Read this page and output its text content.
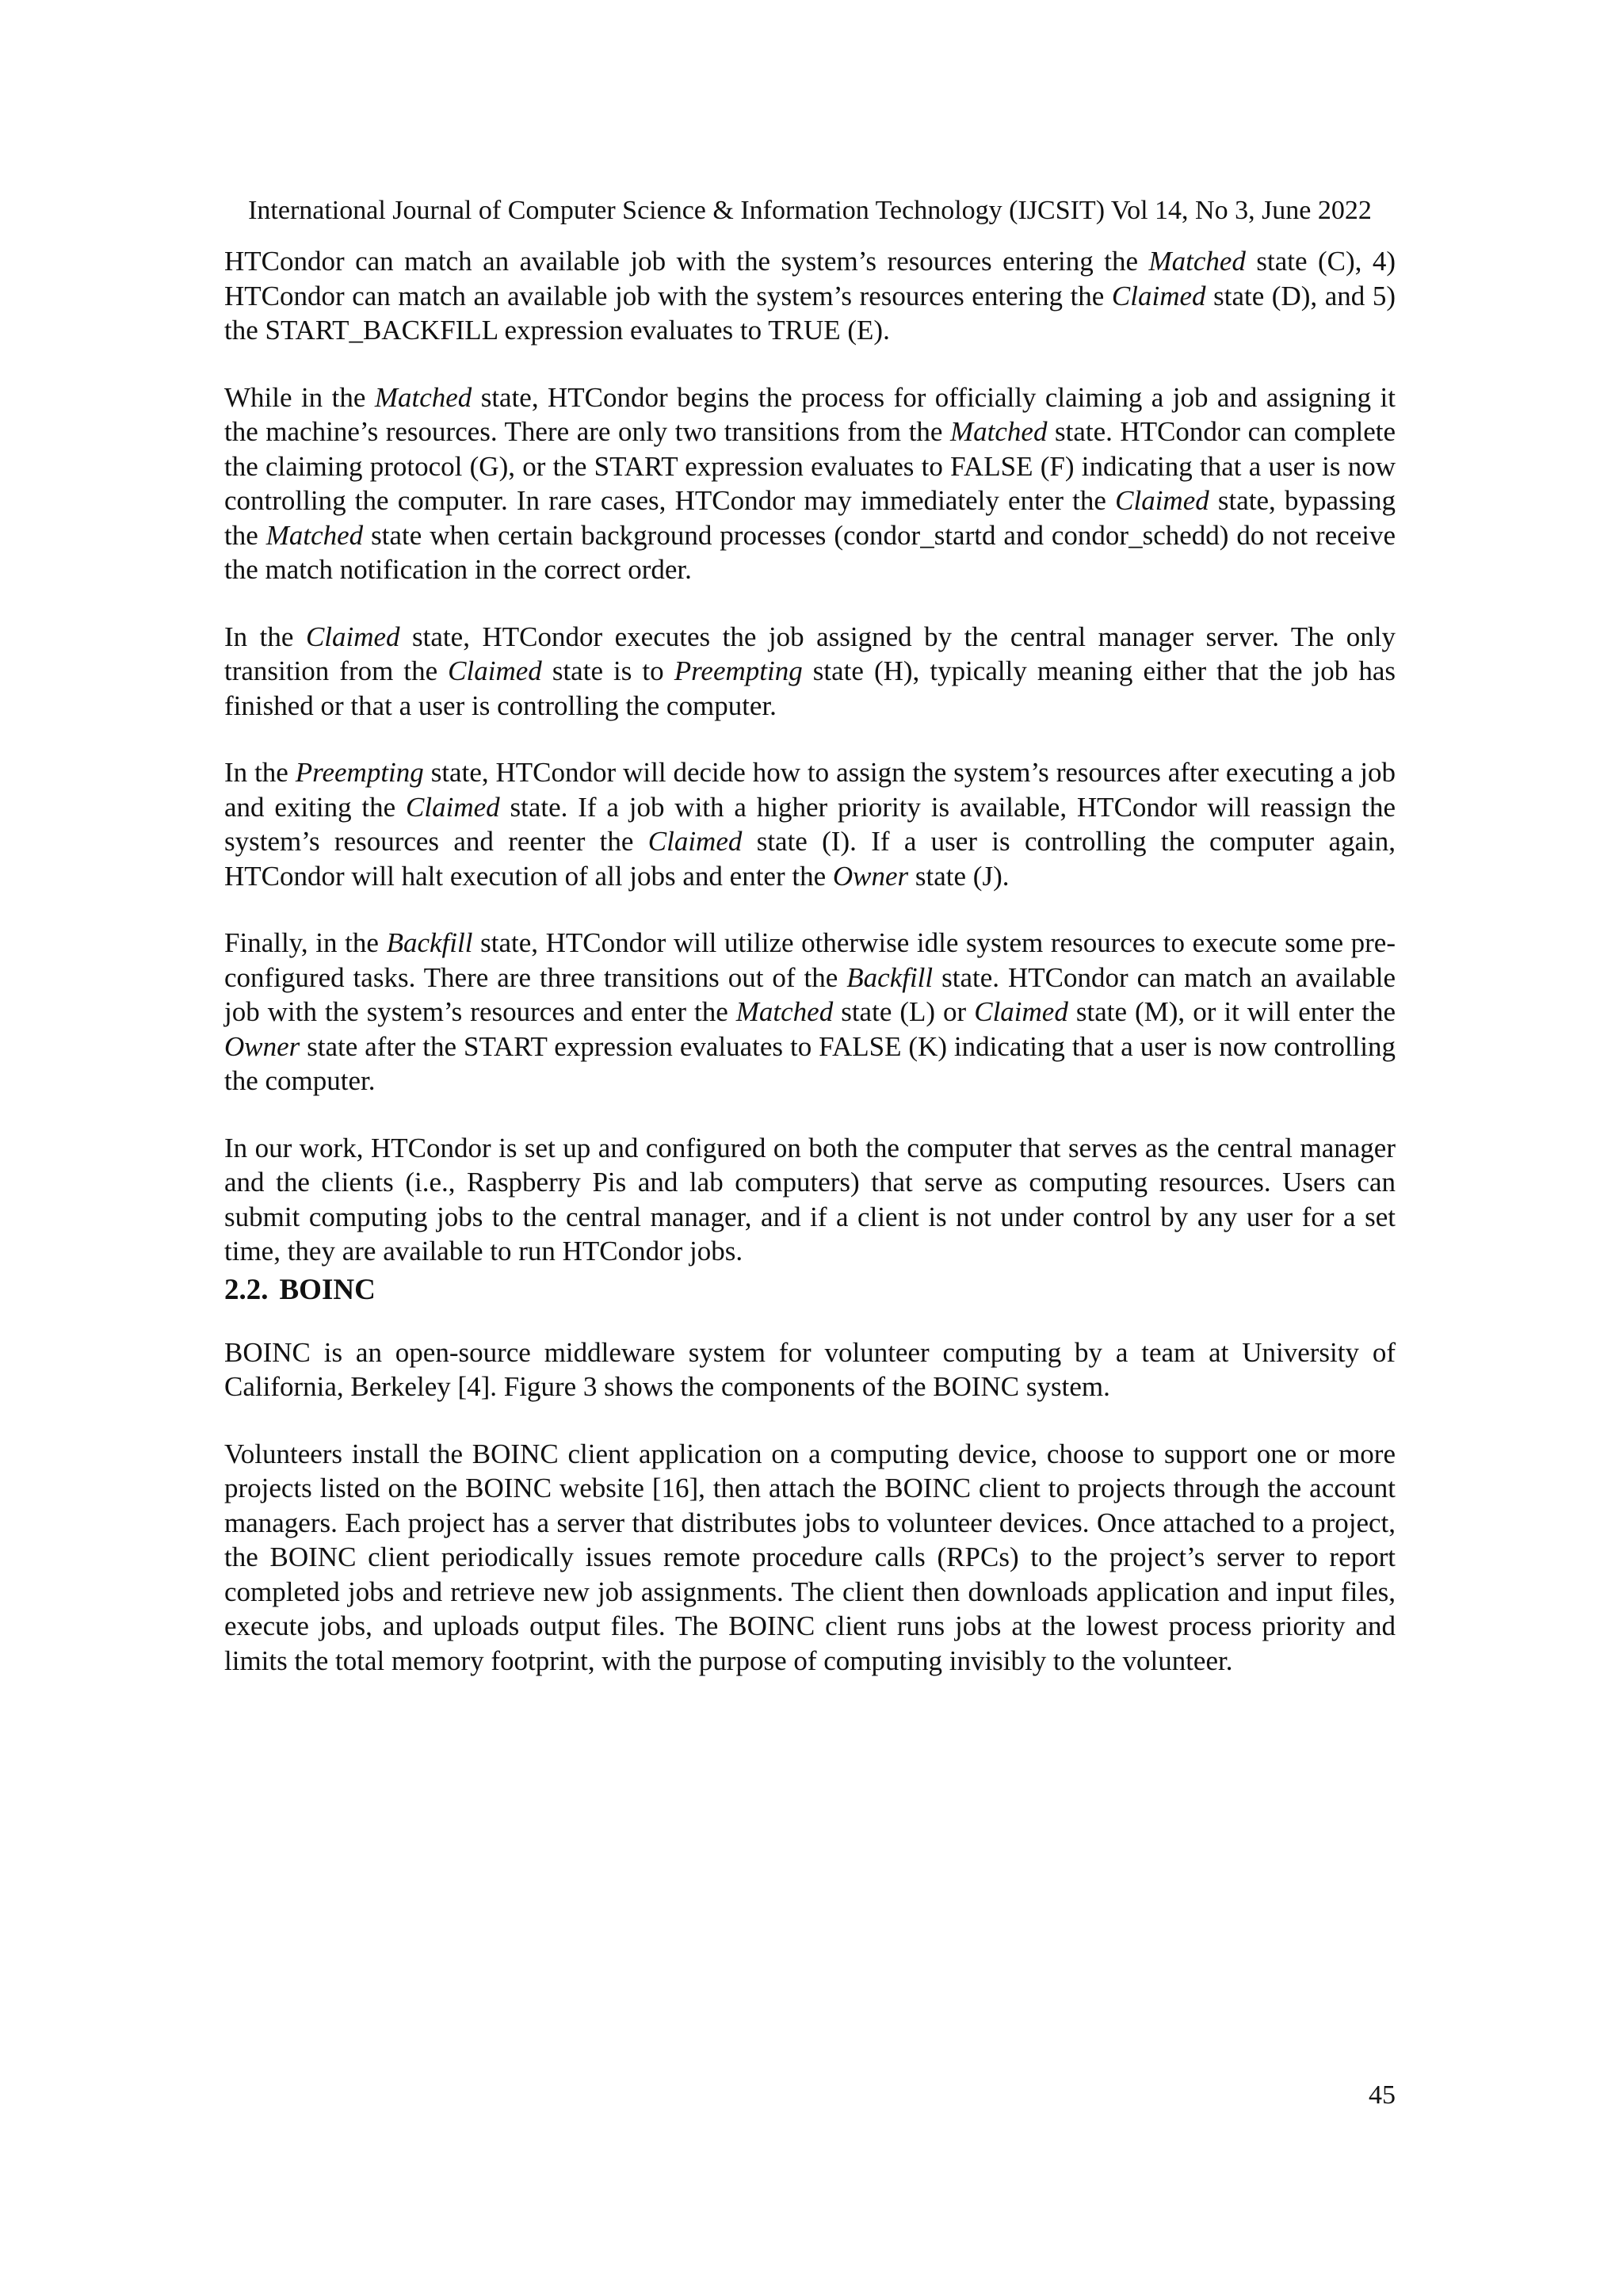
International Journal of Computer Science & Information Technology (IJCSIT) Vol 14, No 3, June 2022

HTCondor can match an available job with the system’s resources entering the Matched state (C), 4) HTCondor can match an available job with the system’s resources entering the Claimed state (D), and 5) the START_BACKFILL expression evaluates to TRUE (E).

While in the Matched state, HTCondor begins the process for officially claiming a job and assigning it the machine’s resources. There are only two transitions from the Matched state. HTCondor can complete the claiming protocol (G), or the START expression evaluates to FALSE (F) indicating that a user is now controlling the computer. In rare cases, HTCondor may immediately enter the Claimed state, bypassing the Matched state when certain background processes (condor_startd and condor_schedd) do not receive the match notification in the correct order.

In the Claimed state, HTCondor executes the job assigned by the central manager server. The only transition from the Claimed state is to Preempting state (H), typically meaning either that the job has finished or that a user is controlling the computer.

In the Preempting state, HTCondor will decide how to assign the system’s resources after executing a job and exiting the Claimed state. If a job with a higher priority is available, HTCondor will reassign the system’s resources and reenter the Claimed state (I). If a user is controlling the computer again, HTCondor will halt execution of all jobs and enter the Owner state (J).

Finally, in the Backfill state, HTCondor will utilize otherwise idle system resources to execute some pre-configured tasks. There are three transitions out of the Backfill state. HTCondor can match an available job with the system’s resources and enter the Matched state (L) or Claimed state (M), or it will enter the Owner state after the START expression evaluates to FALSE (K) indicating that a user is now controlling the computer.

In our work, HTCondor is set up and configured on both the computer that serves as the central manager and the clients (i.e., Raspberry Pis and lab computers) that serve as computing resources. Users can submit computing jobs to the central manager, and if a client is not under control by any user for a set time, they are available to run HTCondor jobs.

2.2. BOINC

BOINC is an open-source middleware system for volunteer computing by a team at University of California, Berkeley [4]. Figure 3 shows the components of the BOINC system.

Volunteers install the BOINC client application on a computing device, choose to support one or more projects listed on the BOINC website [16], then attach the BOINC client to projects through the account managers. Each project has a server that distributes jobs to volunteer devices. Once attached to a project, the BOINC client periodically issues remote procedure calls (RPCs) to the project’s server to report completed jobs and retrieve new job assignments. The client then downloads application and input files, execute jobs, and uploads output files. The BOINC client runs jobs at the lowest process priority and limits the total memory footprint, with the purpose of computing invisibly to the volunteer.

45
